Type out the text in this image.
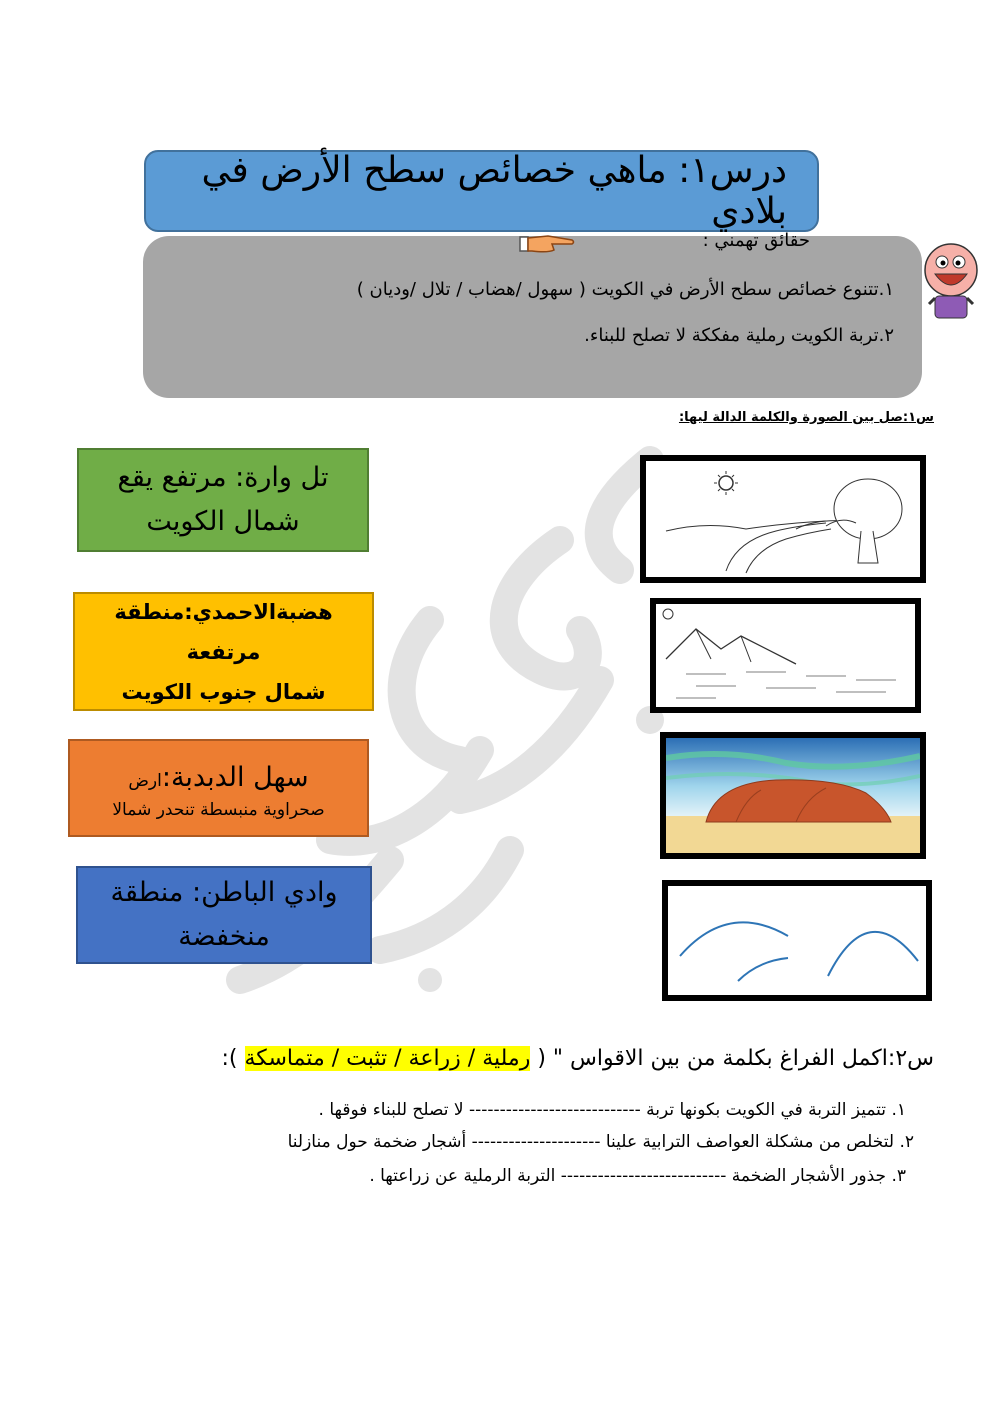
درس١: ماهي خصائص سطح الأرض في بلادي
حقائق تهمني :
١.تتنوع خصائص سطح الأرض في الكويت ( سهول /هضاب / تلال /وديان )
٢.تربة الكويت رملية مفككة لا تصلح للبناء.
س١:صل بين الصورة والكلمة الدالة ليها:
تل وارة: مرتفع يقع
شمال الكويت
هضبةالاحمدي:منطقة مرتفعة
شمال جنوب الكويت
سهل الدبدبة:ارض
صحراوية منبسطة تنحدر شمالا
وادي الباطن: منطقة
منخفضة
س٢:اكمل الفراغ بكلمة من بين الاقواس " ( رملية / زراعة / تثبت / متماسكة ):
١. تتميز التربة في الكويت بكونها تربة ---------------------------- لا تصلح للبناء فوقها .
٢. لتخلص من مشكلة العواصف الترابية علينا --------------------- أشجار ضخمة حول منازلنا
٣. جذور الأشجار الضخمة --------------------------- التربة الرملية عن زراعتها .
